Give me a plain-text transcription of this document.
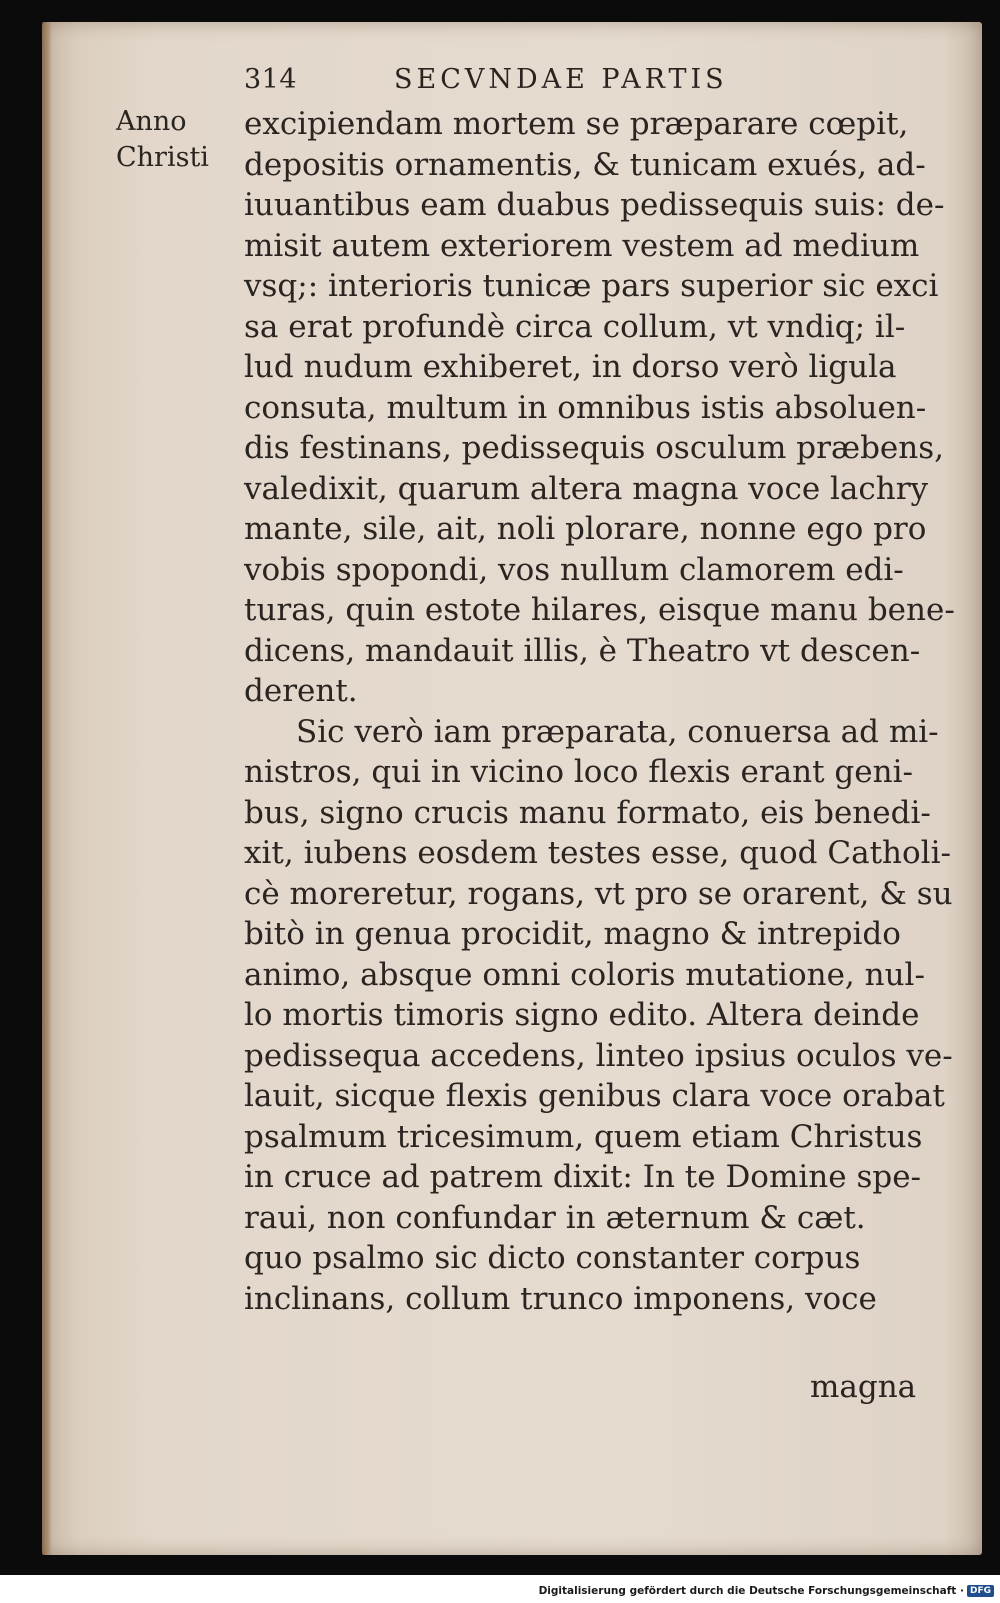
314	SECVNDAE PARTIS
Anno
Christi
excipiendam mortem se præparare cœpit,
depositis ornamentis, & tunicam exués, ad-
iuuantibus eam duabus pedissequis suis: de-
misit autem exteriorem vestem ad medium
vsq;: interioris tunicæ pars superior sic exci
sa erat profundè circa collum, vt vndiq; il-
lud nudum exhiberet, in dorso verò ligula
consuta, multum in omnibus istis absoluen-
dis festinans, pedissequis osculum præbens,
valedixit, quarum altera magna voce lachry
mante, sile, ait, noli plorare, nonne ego pro
vobis spopondi, vos nullum clamorem edi-
turas, quin estote hilares, eisque manu bene-
dicens, mandauit illis, è Theatro vt descen-
derent.
Sic verò iam præparata, conuersa ad mi-
nistros, qui in vicino loco flexis erant geni-
bus, signo crucis manu formato, eis benedi-
xit, iubens eosdem testes esse, quod Catholi-
cè moreretur, rogans, vt pro se orarent, & su
bitò in genua procidit, magno & intrepido
animo, absque omni coloris mutatione, nul-
lo mortis timoris signo edito. Altera deinde
pedissequa accedens, linteo ipsius oculos ve-
lauit, sicque flexis genibus clara voce orabat
psalmum tricesimum, quem etiam Christus
in cruce ad patrem dixit: In te Domine spe-
raui, non confundar in æternum & cæt.
quo psalmo sic dicto constanter corpus
inclinans, collum trunco imponens, voce
magna
Digitalisierung gefördert durch die Deutsche Forschungsgemeinschaft · DFG
